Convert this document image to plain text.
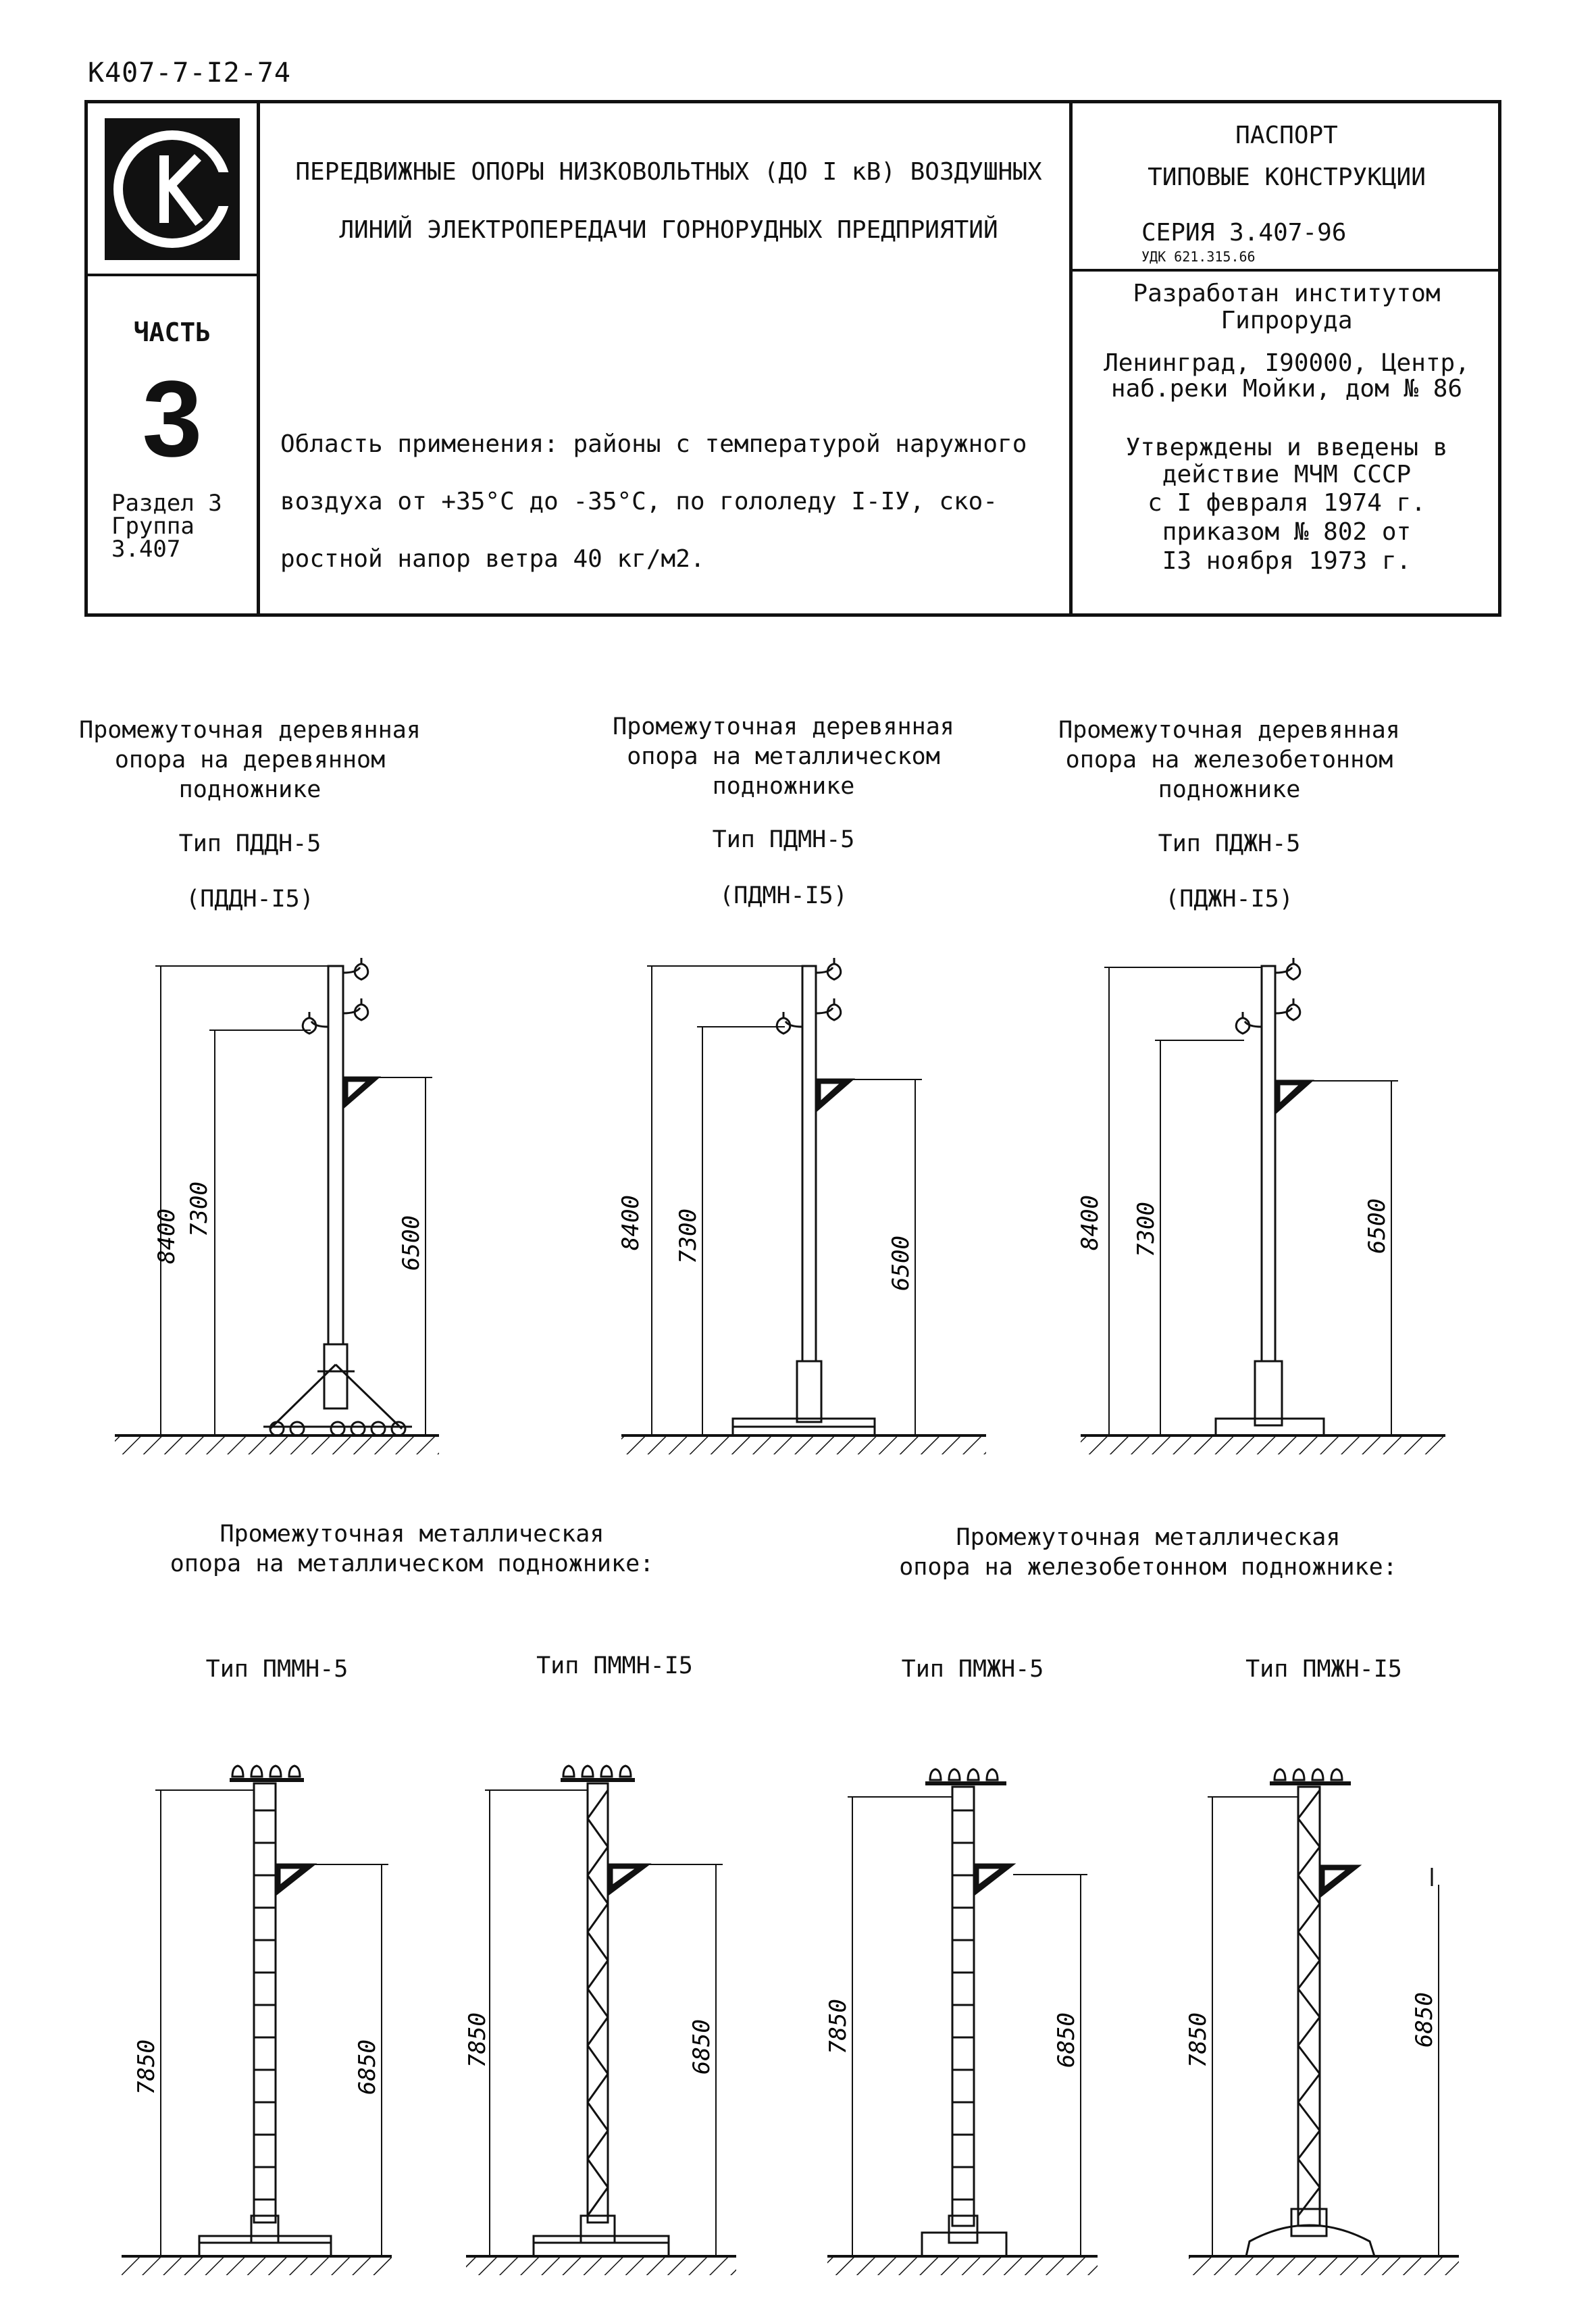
К407-7-I2-74
ПЕРЕДВИЖНЫЕ ОПОРЫ НИЗКОВОЛЬТНЫХ (ДО I кВ) ВОЗДУШНЫХ
ЛИНИЙ ЭЛЕКТРОПЕРЕДАЧИ ГОРНОРУДНЫХ ПРЕДПРИЯТИЙ
ЧАСТЬ
3
Раздел 3
Группа
3.407
Область применения: районы с температурой наружного
воздуха от +35°С до -35°С, по гололеду I-IУ, ско-
ростной напор ветра 40 кг/м2.
ПАСПОРТ
ТИПОВЫЕ КОНСТРУКЦИИ
СЕРИЯ 3.407-96
УДК 621.315.66
Разработан институтом
Гипроруда
Ленинград, I90000, Центр,
наб.реки Мойки, дом № 86
Утверждены и введены в
действие МЧМ СССР
с I февраля 1974 г.
приказом № 802 от
I3 ноября 1973 г.
Промежуточная деревянная
опора на деревянном
подножнике
Тип ПДДН-5
(ПДДН-I5)
Промежуточная деревянная
опора на металлическом
подножнике
Тип ПДМН-5
(ПДМН-I5)
Промежуточная деревянная
опора на железобетонном
подножнике
Тип ПДЖН-5
(ПДЖН-I5)
Промежуточная металлическая
опора на металлическом подножнике:
Промежуточная металлическая
опора на железобетонном подножнике:
Тип ПММН-5	Тип ПММН-I5	Тип ПМЖН-5	Тип ПМЖН-I5
8400 7300
6500	8400 7300	6500
8400 7300	6500
7850	6850	7850	6850	7850	6850	7850	6850
